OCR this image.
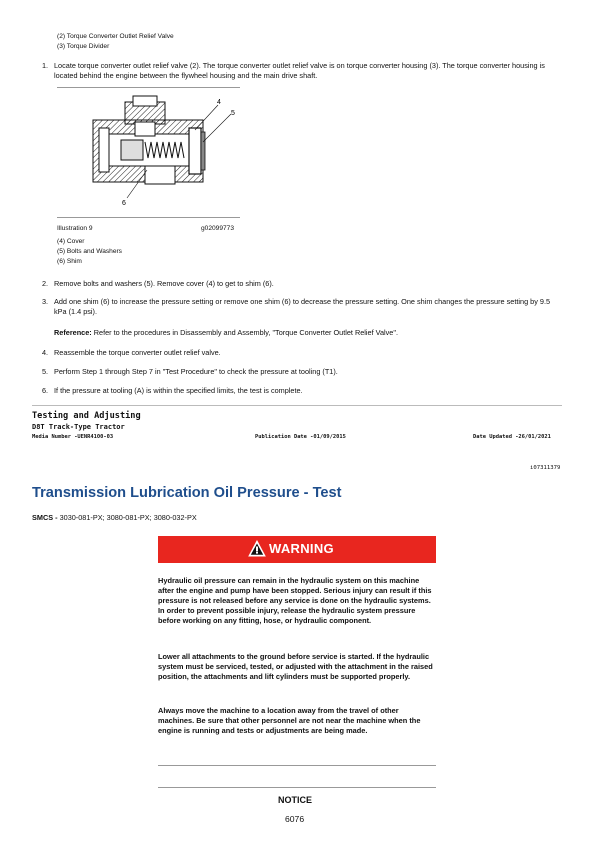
(2) Torque Converter Outlet Relief Valve
(3) Torque Divider
1. Locate torque converter outlet relief valve (2). The torque converter outlet relief valve is on torque converter housing (3). The torque converter housing is located behind the engine between the flywheel housing and the main drive shaft.
4
5
6
Illustration 9	g02099773
(4) Cover
(5) Bolts and Washers
(6) Shim
2. Remove bolts and washers (5). Remove cover (4) to get to shim (6).
3. Add one shim (6) to increase the pressure setting or remove one shim (6) to decrease the pressure setting. One shim changes the pressure setting by 9.5 kPa (1.4 psi).
Reference: Refer to the procedures in Disassembly and Assembly, "Torque Converter Outlet Relief Valve".
4. Reassemble the torque converter outlet relief valve.
5. Perform Step 1 through Step 7 in "Test Procedure" to check the pressure at tooling (T1).
6. If the pressure at tooling (A) is within the specified limits, the test is complete.
Testing and Adjusting
D8T Track-Type Tractor
Media Number -UENR4100-03	Publication Date -01/09/2015	Date Updated -26/01/2021
i07311379
Transmission Lubrication Oil Pressure - Test
SMCS - 3030-081-PX; 3080-081-PX; 3080-032-PX
WARNING
Hydraulic oil pressure can remain in the hydraulic system on this machine after the engine and pump have been stopped. Serious injury can result if this pressure is not released before any service is done on the hydraulic systems. In order to prevent possible injury, release the hydraulic system pressure before working on any fitting, hose, or hydraulic component.
Lower all attachments to the ground before service is started. If the hydraulic system must be serviced, tested, or adjusted with the attachment in the raised position, the attachments and lift cylinders must be supported properly.
Always move the machine to a location away from the travel of other machines. Be sure that other personnel are not near the machine when the engine is running and tests or adjustments are being made.
NOTICE
6076
